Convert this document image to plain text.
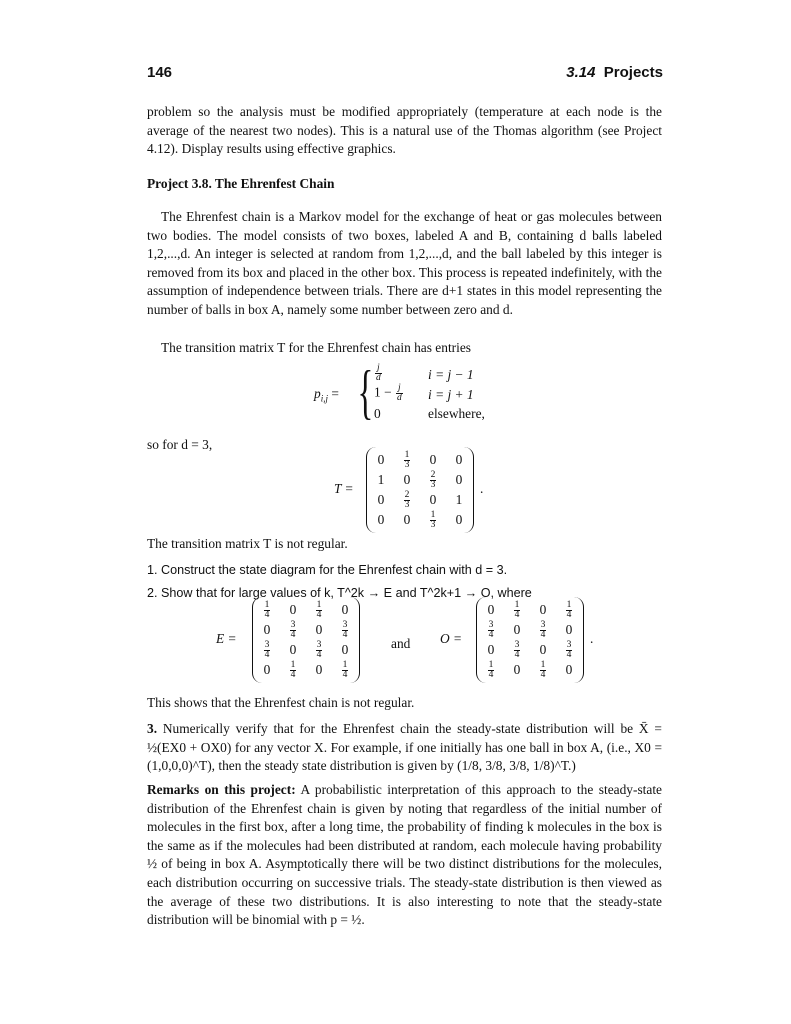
146	3.14 Projects

problem so the analysis must be modified appropriately (temperature at each node is the average of the nearest two nodes). This is a natural use of the Thomas algorithm (see Project 4.12). Display results using effective graphics.

Project 3.8. The Ehrenfest Chain

The Ehrenfest chain is a Markov model for the exchange of heat or gas molecules between two bodies. The model consists of two boxes, labeled A and B, containing d balls labeled 1,2,...,d. An integer is selected at random from 1,2,...,d, and the ball labeled by this integer is removed from its box and placed in the other box. This process is repeated indefinitely, with the assumption of independence between trials. There are d+1 states in this model representing the number of balls in box A, namely some number between zero and d.

The transition matrix T for the Ehrenfest chain has entries

$p_{i,j}$ = { $\frac{j}{d}$	i = j − 1
$1 - \frac{j}{d}$ i = j + 1
0	elsewhere,
so for d = 3,
T =
$0 \frac{1}{3} 0$ 0
1 $0 \frac{2}{3} 0$
$0 \frac{2}{3} 0$ 1
0 $0 \frac{1}{3} 0$
.
The transition matrix T is not regular.
1. Construct the state diagram for the Ehrenfest chain with d = 3.
2. Show that for large values of k, T^2k → E and T^2k+1 → O, where
E =
$\frac{1}{4} 0 \frac{1}{4} 0$
$0 \frac{3}{4} 0 \frac{3}{4}$
$\frac{3}{4} 0 \frac{3}{4} 0$
$0 \frac{1}{4} 0 \frac{1}{4}$
and O =
$0 \frac{1}{4} 0 \frac{1}{4}$
$\frac{3}{4} 0 \frac{3}{4} 0$
$0 \frac{3}{4} 0 \frac{3}{4}$
$\frac{1}{4} 0 \frac{1}{4} 0$
.
This shows that the Ehrenfest chain is not regular.

3. Numerically verify that for the Ehrenfest chain the steady-state distribution will be X̄ = ½(EX0 + OX0) for any vector X. For example, if one initially has one ball in box A, (i.e., X0 = (1,0,0,0)^T), then the steady state distribution is given by (1/8, 3/8, 3/8, 1/8)^T.)

Remarks on this project: A probabilistic interpretation of this approach to the steady-state distribution of the Ehrenfest chain is given by noting that regardless of the initial number of molecules in the first box, after a long time, the probability of finding k molecules in the box is the same as if the molecules had been distributed at random, each molecule having probability ½ of being in box A. Asymptotically there will be two distinct distributions for the molecules, each distribution occurring on successive trials. The steady-state distribution is then viewed as the average of these two distributions. It is also interesting to note that the steady-state distribution will be binomial with p = ½.
